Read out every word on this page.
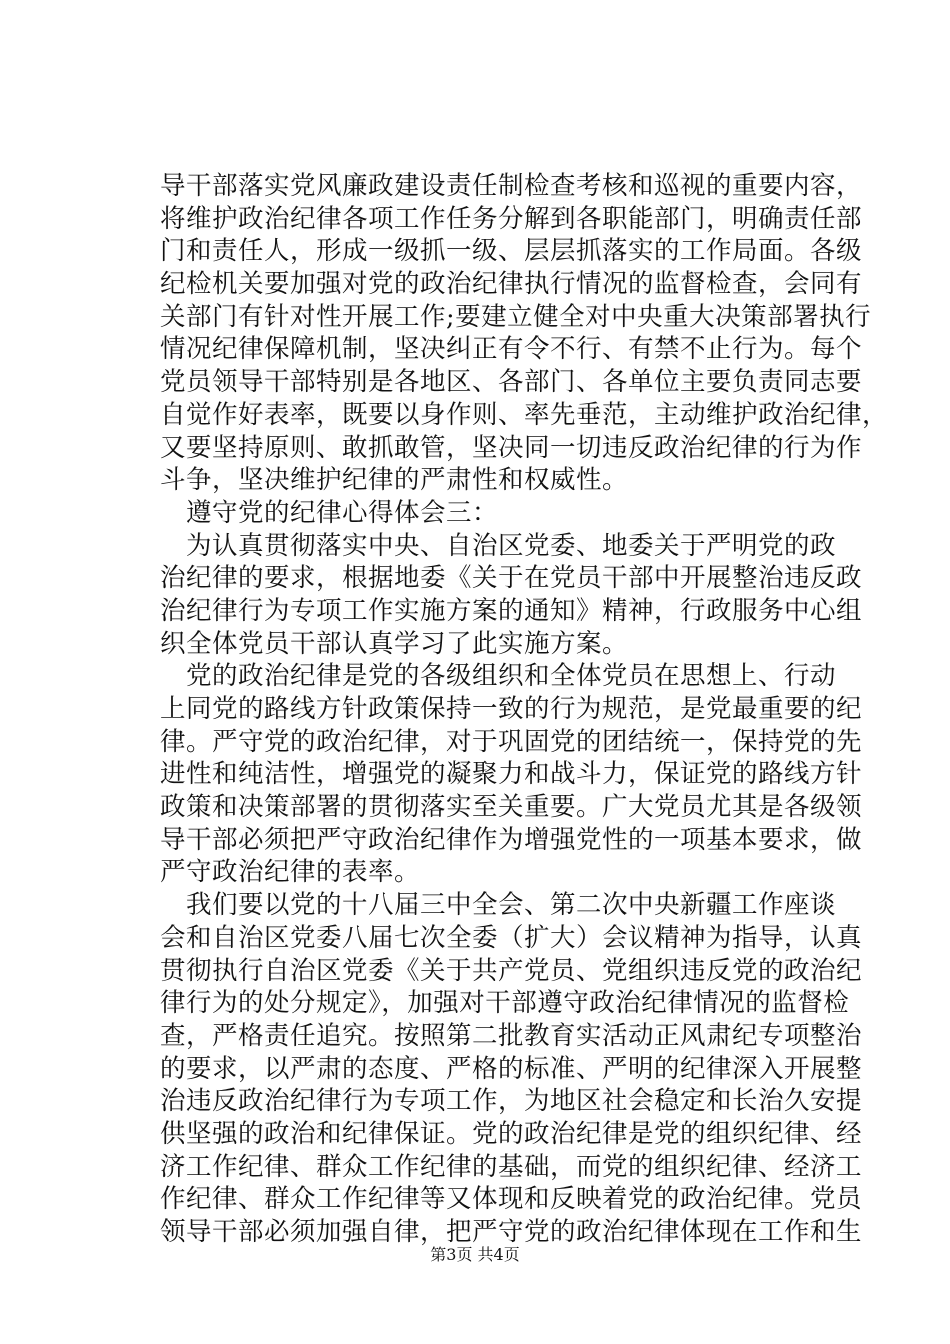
导干部落实党风廉政建设责任制检查考核和巡视的重要内容，
将维护政治纪律各项工作任务分解到各职能部门，明确责任部
门和责任人，形成一级抓一级、层层抓落实的工作局面。各级
纪检机关要加强对党的政治纪律执行情况的监督检查，会同有
关部门有针对性开展工作;要建立健全对中央重大决策部署执行
情况纪律保障机制，坚决纠正有令不行、有禁不止行为。每个
党员领导干部特别是各地区、各部门、各单位主要负责同志要
自觉作好表率，既要以身作则、率先垂范，主动维护政治纪律，
又要坚持原则、敢抓敢管，坚决同一切违反政治纪律的行为作
斗争，坚决维护纪律的严肃性和权威性。
遵守党的纪律心得体会三：
为认真贯彻落实中央、自治区党委、地委关于严明党的政
治纪律的要求，根据地委《关于在党员干部中开展整治违反政
治纪律行为专项工作实施方案的通知》精神，行政服务中心组
织全体党员干部认真学习了此实施方案。
党的政治纪律是党的各级组织和全体党员在思想上、行动
上同党的路线方针政策保持一致的行为规范，是党最重要的纪
律。严守党的政治纪律，对于巩固党的团结统一，保持党的先
进性和纯洁性，增强党的凝聚力和战斗力，保证党的路线方针
政策和决策部署的贯彻落实至关重要。广大党员尤其是各级领
导干部必须把严守政治纪律作为增强党性的一项基本要求，做
严守政治纪律的表率。
我们要以党的十八届三中全会、第二次中央新疆工作座谈
会和自治区党委八届七次全委（扩大）会议精神为指导，认真
贯彻执行自治区党委《关于共产党员、党组织违反党的政治纪
律行为的处分规定》，加强对干部遵守政治纪律情况的监督检
查，严格责任追究。按照第二批教育实活动正风肃纪专项整治
的要求，以严肃的态度、严格的标准、严明的纪律深入开展整
治违反政治纪律行为专项工作，为地区社会稳定和长治久安提
供坚强的政治和纪律保证。党的政治纪律是党的组织纪律、经
济工作纪律、群众工作纪律的基础，而党的组织纪律、经济工
作纪律、群众工作纪律等又体现和反映着党的政治纪律。党员
领导干部必须加强自律，把严守党的政治纪律体现在工作和生
第3页 共4页
